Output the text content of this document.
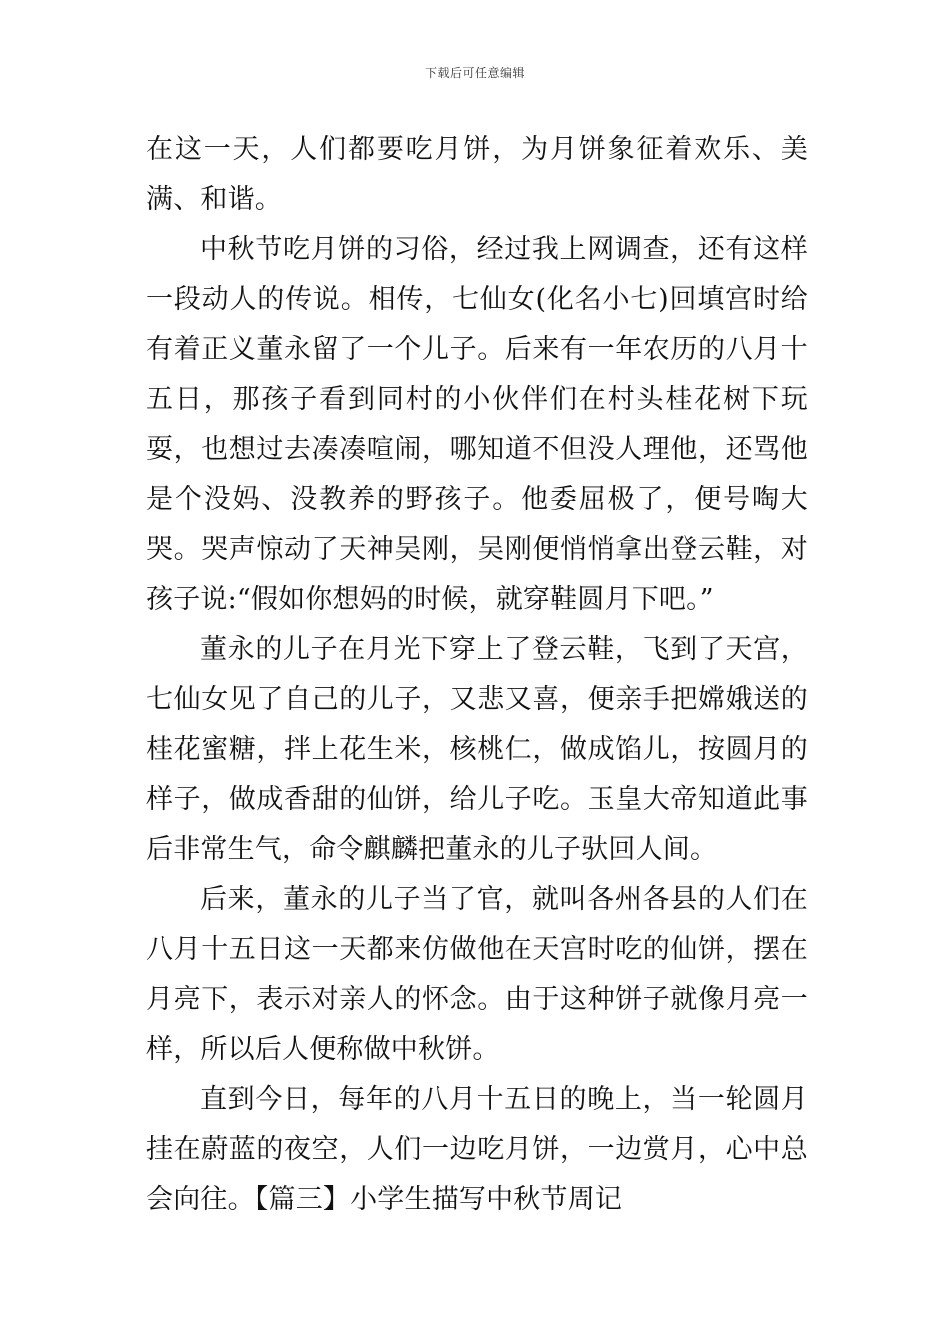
下载后可任意编辑

在这一天，人们都要吃月饼，为月饼象征着欢乐、美满、和谐。

中秋节吃月饼的习俗，经过我上网调查，还有这样一段动人的传说。相传，七仙女(化名小七)回填宫时给有着正义董永留了一个儿子。后来有一年农历的八月十五日，那孩子看到同村的小伙伴们在村头桂花树下玩耍，也想过去凑凑喧闹，哪知道不但没人理他，还骂他是个没妈、没教养的野孩子。他委屈极了，便号啕大哭。哭声惊动了天神吴刚，吴刚便悄悄拿出登云鞋，对孩子说:“假如你想妈的时候，就穿鞋圆月下吧。”

董永的儿子在月光下穿上了登云鞋，飞到了天宫，七仙女见了自己的儿子，又悲又喜，便亲手把嫦娥送的桂花蜜糖，拌上花生米，核桃仁，做成馅儿，按圆月的样子，做成香甜的仙饼，给儿子吃。玉皇大帝知道此事后非常生气，命令麒麟把董永的儿子驮回人间。

后来，董永的儿子当了官，就叫各州各县的人们在八月十五日这一天都来仿做他在天宫时吃的仙饼，摆在月亮下，表示对亲人的怀念。由于这种饼子就像月亮一样，所以后人便称做中秋饼。

直到今日，每年的八月十五日的晚上，当一轮圆月挂在蔚蓝的夜空，人们一边吃月饼，一边赏月，心中总会向往。【篇三】小学生描写中秋节周记
